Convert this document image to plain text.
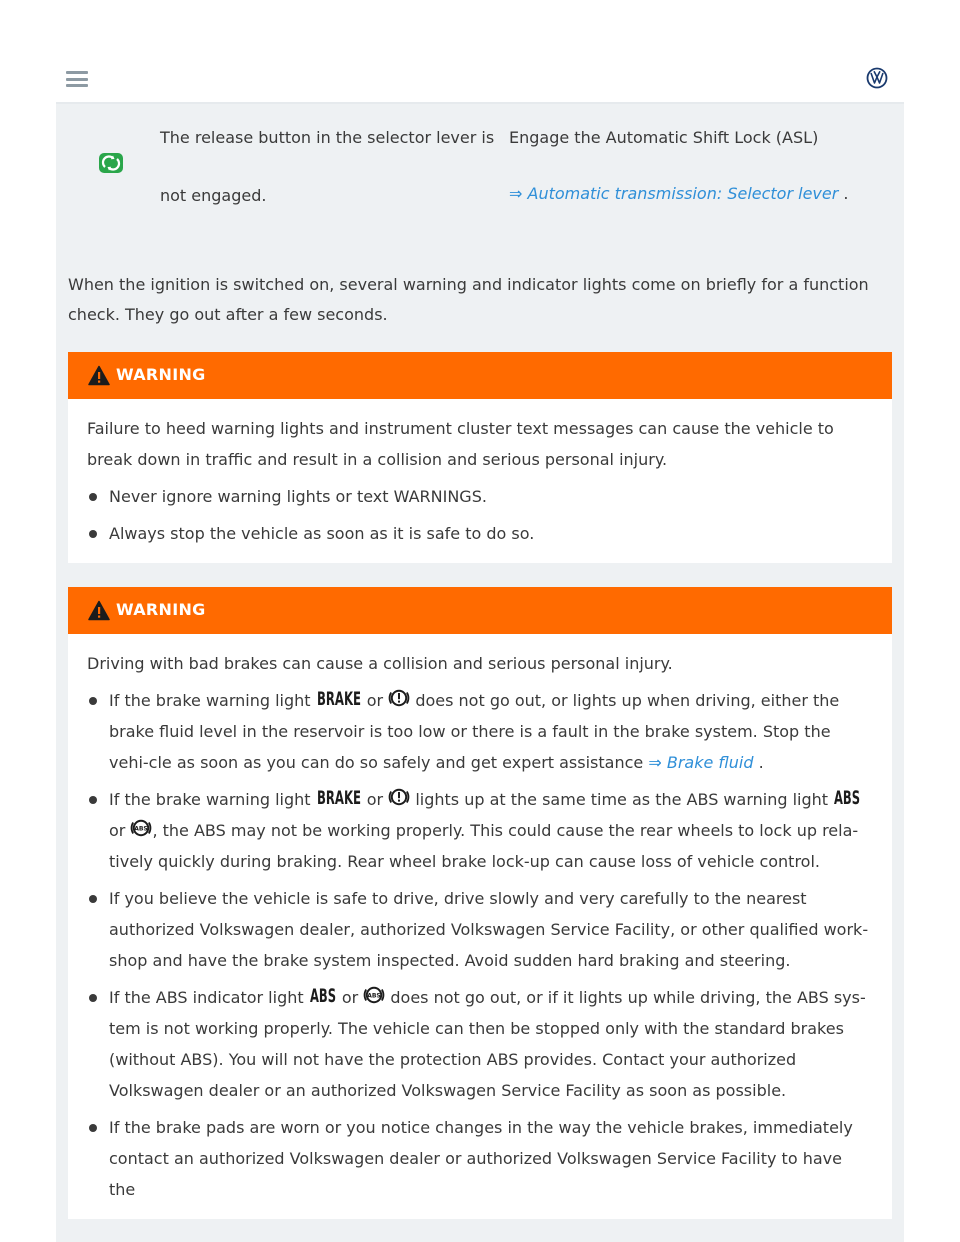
The release button in the selector lever is
not engaged.
Engage the Automatic Shift Lock (ASL)
⇒ Automatic transmission: Selector lever .
When the ignition is switched on, several warning and indicator lights come on briefly for a function check. They go out after a few seconds.
WARNING

Failure to heed warning lights and instrument cluster text messages can cause the vehicle to break down in traffic and result in a collision and serious personal injury.

Never ignore warning lights or text WARNINGS.
Always stop the vehicle as soon as it is safe to do so.
WARNING

Driving with bad brakes can cause a collision and serious personal injury.

If the brake warning light BRAKE or does not go out, or lights up when driving, either the brake fluid level in the reservoir is too low or there is a fault in the brake system. Stop the vehi-cle as soon as you can do so safely and get expert assistance ⇒ Brake fluid .
If the brake warning light BRAKE or lights up at the same time as the ABS warning light ABS

or ABS , the ABS may not be working properly. This could cause the rear wheels to lock up rela-tively quickly during braking. Rear wheel brake lock-up can cause loss of vehicle control.
If you believe the vehicle is safe to drive, drive slowly and very carefully to the nearest authorized Volkswagen dealer, authorized Volkswagen Service Facility, or other qualified work-shop and have the brake system inspected. Avoid sudden hard braking and steering.
If the ABS indicator light ABS or ABS does not go out, or if it lights up while driving, the ABS sys-tem is not working properly. The vehicle can then be stopped only with the standard brakes (without ABS). You will not have the protection ABS provides. Contact your authorized Volkswagen dealer or an authorized Volkswagen Service Facility as soon as possible.
If the brake pads are worn or you notice changes in the way the vehicle brakes, immediately contact an authorized Volkswagen dealer or authorized Volkswagen Service Facility to have the
